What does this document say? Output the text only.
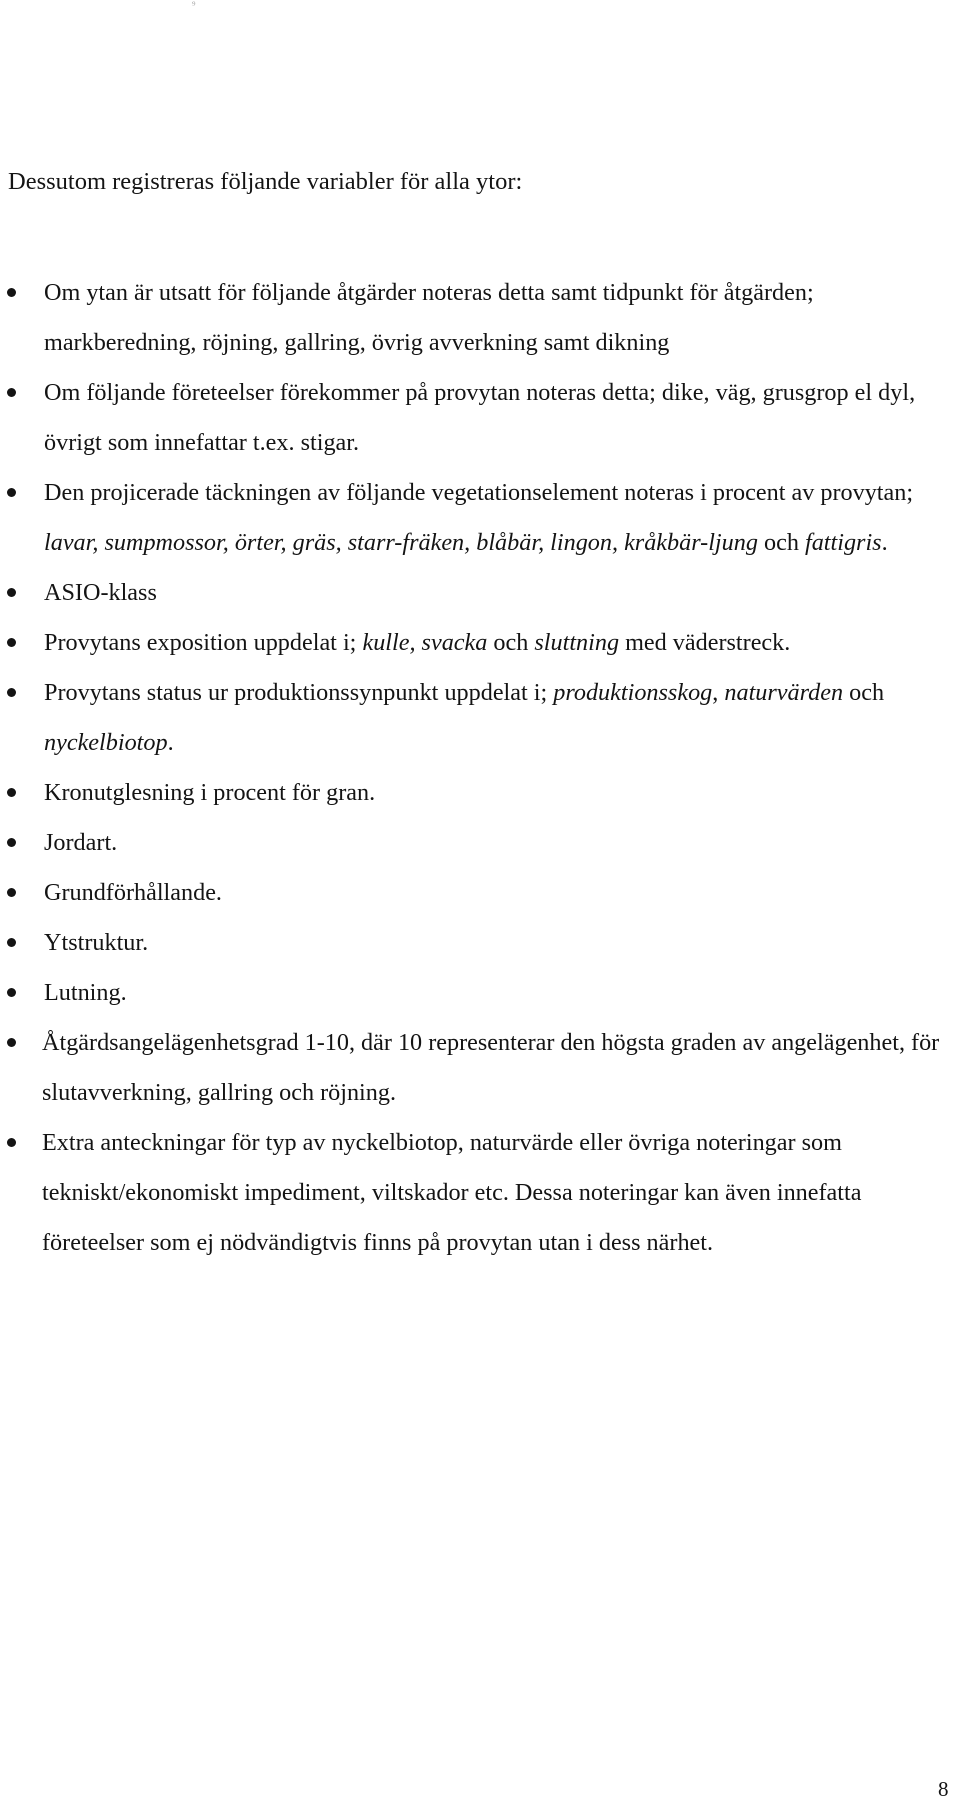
⁹

Dessutom registreras följande variabler för alla ytor:

Om ytan är utsatt för följande åtgärder noteras detta samt tidpunkt för åtgärden; markberedning, röjning, gallring, övrig avverkning samt dikning
Om följande företeelser förekommer på provytan noteras detta; dike, väg, grusgrop el dyl, övrigt som innefattar t.ex. stigar.
Den projicerade täckningen av följande vegetationselement noteras i procent av provytan; lavar, sumpmossor, örter, gräs, starr-fräken, blåbär, lingon, kråkbär-ljung och fattigris.
ASIO-klass
Provytans exposition uppdelat i; kulle, svacka och sluttning med väderstreck.
Provytans status ur produktionssynpunkt uppdelat i; produktionsskog, naturvärden och nyckelbiotop.
Kronutglesning i procent för gran.
Jordart.
Grundförhållande.
Ytstruktur.
Lutning.
Åtgärdsangelägenhetsgrad 1-10, där 10 representerar den högsta graden av angelägenhet, för slutavverkning, gallring och röjning.
Extra anteckningar för typ av nyckelbiotop, naturvärde eller övriga noteringar som tekniskt/ekonomiskt impediment, viltskador etc. Dessa noteringar kan även innefatta företeelser som ej nödvändigtvis finns på provytan utan i dess närhet.
8
